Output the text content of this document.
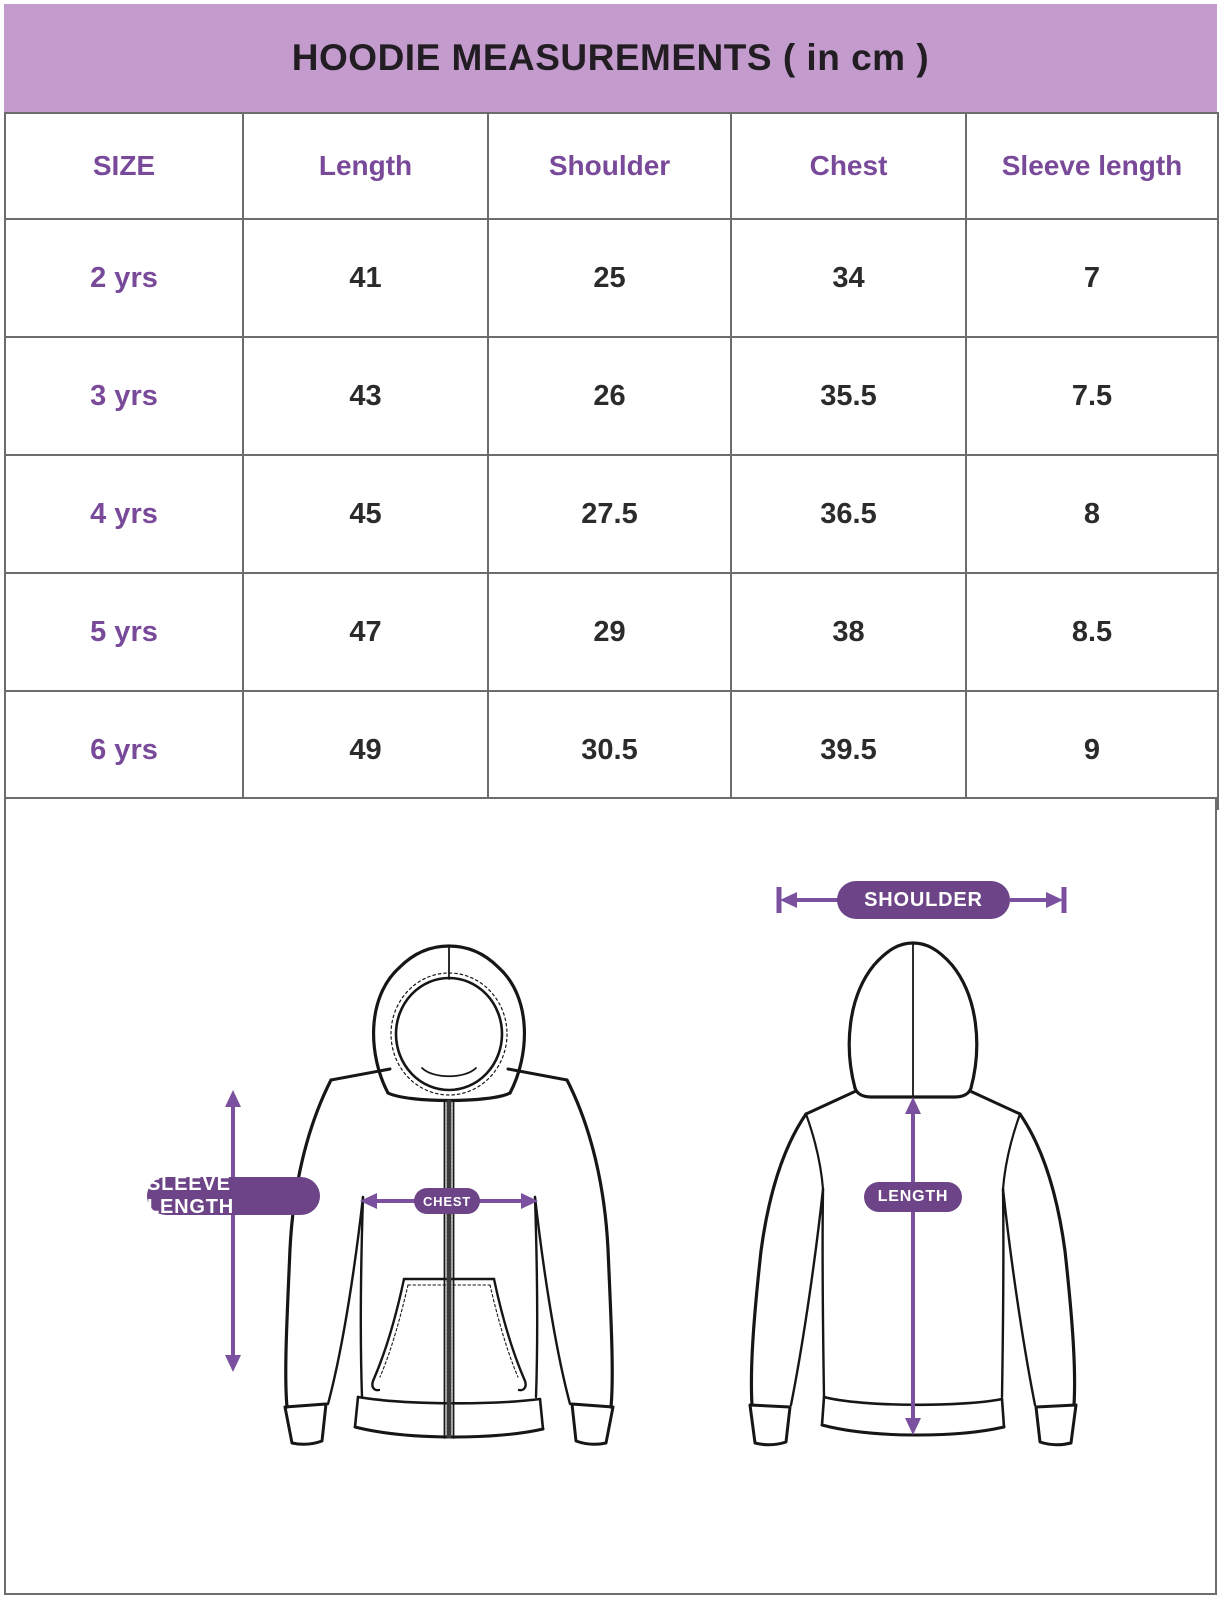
HOODIE MEASUREMENTS ( in cm )
SIZE	Length	Shoulder	Chest	Sleeve length
2 yrs	41	25	34	7
3 yrs	43	26	35.5	7.5
4 yrs	45	27.5	36.5	8
5 yrs	47	29	38	8.5
6 yrs	49	30.5	39.5	9
SHOULDER
SLEEVE LENGTH	CHEST	LENGTH
